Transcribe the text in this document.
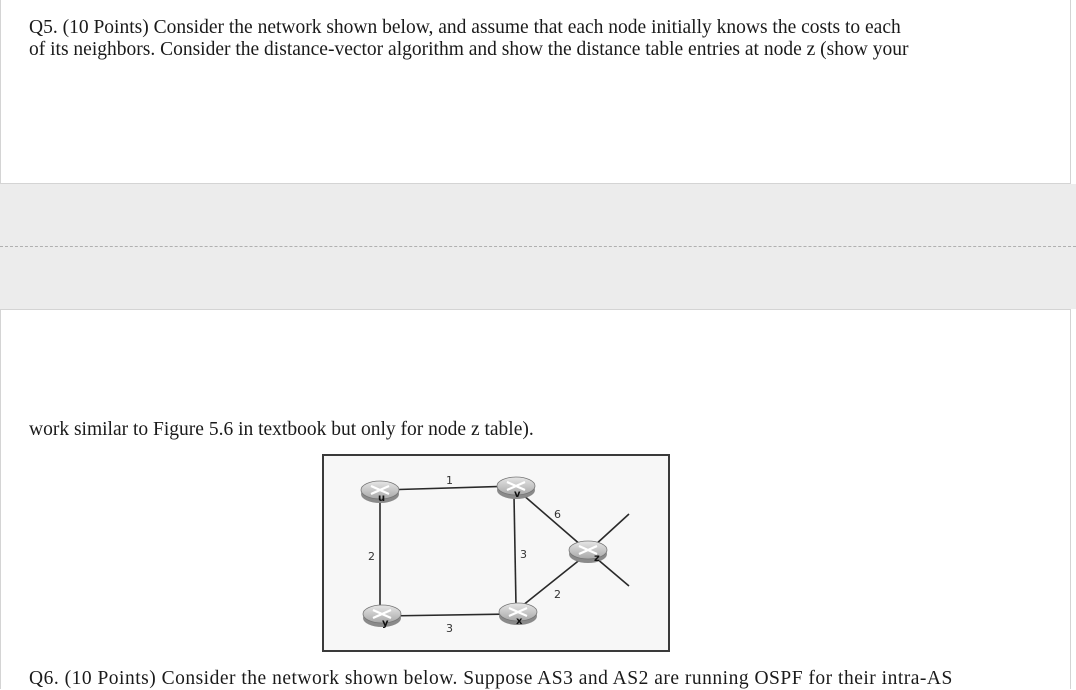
Q5. (10 Points) Consider the network shown below, and assume that each node initially knows the costs to each
of its neighbors. Consider the distance-vector algorithm and show the distance table entries at node z (show your

work similar to Figure 5.6 in textbook but only for node z table).

1
2	3
3
6
2
u	v
y	x
z

Q6. (10 Points) Consider the network shown below. Suppose AS3 and AS2 are running OSPF for their intra-AS
